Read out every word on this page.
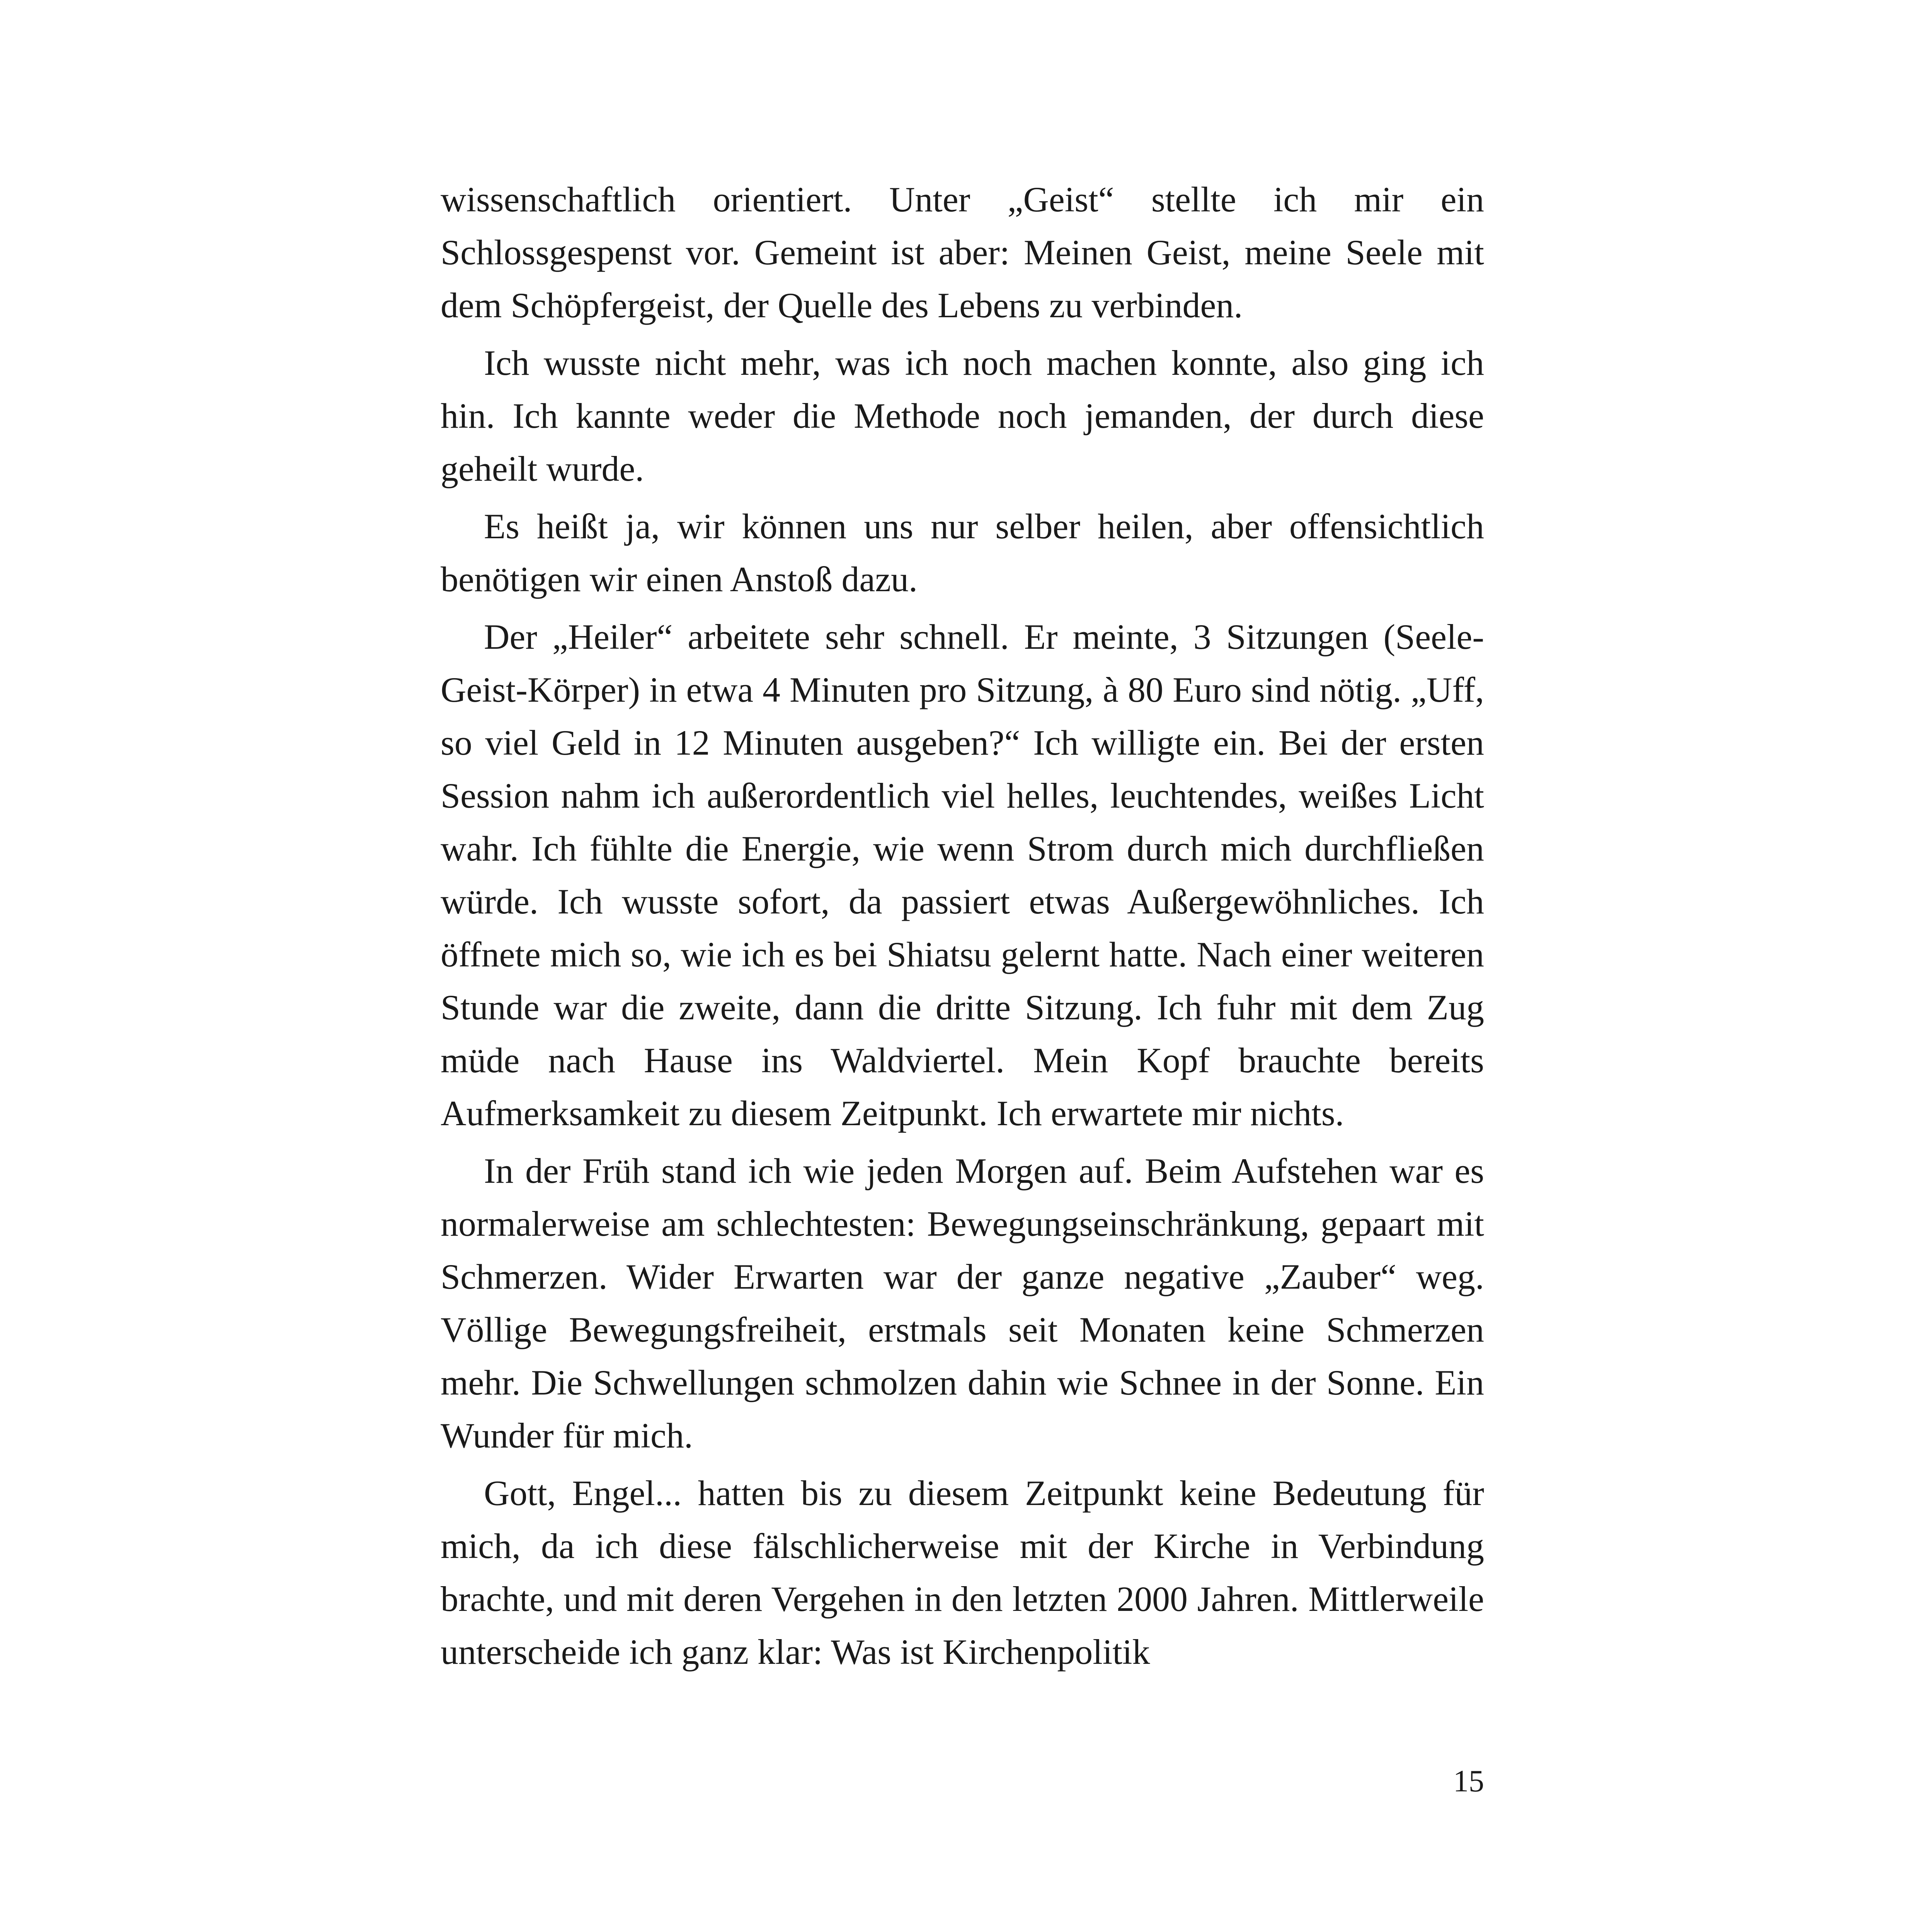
wissenschaftlich orientiert. Unter „Geist“ stellte ich mir ein Schlossgespenst vor. Gemeint ist aber: Meinen Geist, meine Seele mit dem Schöpfergeist, der Quelle des Lebens zu verbinden.

Ich wusste nicht mehr, was ich noch machen konnte, also ging ich hin. Ich kannte weder die Methode noch jemanden, der durch diese geheilt wurde.

Es heißt ja, wir können uns nur selber heilen, aber offensichtlich benötigen wir einen Anstoß dazu.

Der „Heiler“ arbeitete sehr schnell. Er meinte, 3 Sitzungen (Seele-Geist-Körper) in etwa 4 Minuten pro Sitzung, à 80 Euro sind nötig. „Uff, so viel Geld in 12 Minuten ausgeben?“ Ich willigte ein. Bei der ersten Session nahm ich außerordentlich viel helles, leuchtendes, weißes Licht wahr. Ich fühlte die Energie, wie wenn Strom durch mich durchfließen würde. Ich wusste sofort, da passiert etwas Außergewöhnliches. Ich öffnete mich so, wie ich es bei Shiatsu gelernt hatte. Nach einer weiteren Stunde war die zweite, dann die dritte Sitzung. Ich fuhr mit dem Zug müde nach Hause ins Waldviertel. Mein Kopf brauchte bereits Aufmerksamkeit zu diesem Zeitpunkt. Ich erwartete mir nichts.

In der Früh stand ich wie jeden Morgen auf. Beim Aufstehen war es normalerweise am schlechtesten: Bewegungseinschränkung, gepaart mit Schmerzen. Wider Erwarten war der ganze negative „Zauber“ weg. Völlige Bewegungsfreiheit, erstmals seit Monaten keine Schmerzen mehr. Die Schwellungen schmolzen dahin wie Schnee in der Sonne. Ein Wunder für mich.

Gott, Engel... hatten bis zu diesem Zeitpunkt keine Bedeutung für mich, da ich diese fälschlicherweise mit der Kirche in Verbindung brachte, und mit deren Vergehen in den letzten 2000 Jahren. Mittlerweile unterscheide ich ganz klar: Was ist Kirchenpolitik

15
